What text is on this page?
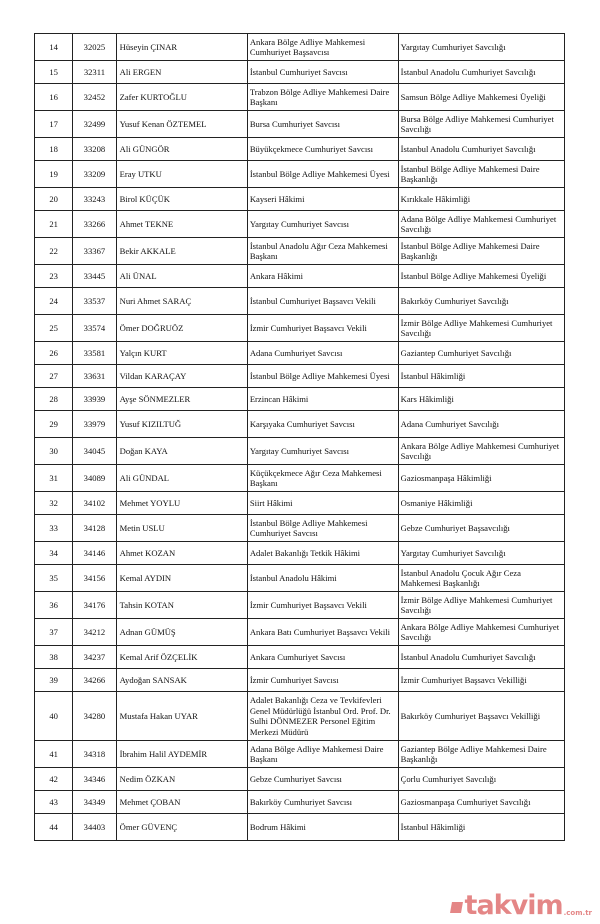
14	32025	Hüseyin ÇINAR	Ankara Bölge Adliye Mahkemesi Cumhuriyet Başsavcısı	Yargıtay Cumhuriyet Savcılığı
15	32311	Ali ERGEN	İstanbul Cumhuriyet Savcısı	İstanbul Anadolu Cumhuriyet Savcılığı
16	32452	Zafer KURTOĞLU	Trabzon Bölge Adliye Mahkemesi Daire Başkanı	Samsun Bölge Adliye Mahkemesi Üyeliği
17	32499	Yusuf Kenan ÖZTEMEL	Bursa Cumhuriyet Savcısı	Bursa Bölge Adliye Mahkemesi Cumhuriyet Savcılığı
18	33208	Ali GÜNGÖR	Büyükçekmece Cumhuriyet Savcısı	İstanbul Anadolu Cumhuriyet Savcılığı
19	33209	Eray UTKU	İstanbul Bölge Adliye Mahkemesi Üyesi	İstanbul Bölge Adliye Mahkemesi Daire Başkanlığı
20	33243	Birol KÜÇÜK	Kayseri Hâkimi	Kırıkkale Hâkimliği
21	33266	Ahmet TEKNE	Yargıtay Cumhuriyet Savcısı	Adana Bölge Adliye Mahkemesi Cumhuriyet Savcılığı
22	33367	Bekir AKKALE	İstanbul Anadolu Ağır Ceza Mahkemesi Başkanı	İstanbul Bölge Adliye Mahkemesi Daire Başkanlığı
23	33445	Ali ÜNAL	Ankara Hâkimi	İstanbul Bölge Adliye Mahkemesi Üyeliği
24	33537	Nuri Ahmet SARAÇ	İstanbul Cumhuriyet Başsavcı Vekili	Bakırköy Cumhuriyet Savcılığı
25	33574	Ömer DOĞRUÖZ	İzmir Cumhuriyet Başsavcı Vekili	İzmir Bölge Adliye Mahkemesi Cumhuriyet Savcılığı
26	33581	Yalçın KURT	Adana Cumhuriyet Savcısı	Gaziantep Cumhuriyet Savcılığı
27	33631	Vildan KARAÇAY	İstanbul Bölge Adliye Mahkemesi Üyesi	İstanbul Hâkimliği
28	33939	Ayşe SÖNMEZLER	Erzincan Hâkimi	Kars Hâkimliği
29	33979	Yusuf KIZILTUĞ	Karşıyaka Cumhuriyet Savcısı	Adana Cumhuriyet Savcılığı
30	34045	Doğan KAYA	Yargıtay Cumhuriyet Savcısı	Ankara Bölge Adliye Mahkemesi Cumhuriyet Savcılığı
31	34089	Ali GÜNDAL	Küçükçekmece Ağır Ceza Mahkemesi Başkanı	Gaziosmanpaşa Hâkimliği
32	34102	Mehmet YOYLU	Siirt Hâkimi	Osmaniye Hâkimliği
33	34128	Metin USLU	İstanbul Bölge Adliye Mahkemesi Cumhuriyet Savcısı	Gebze Cumhuriyet Başsavcılığı
34	34146	Ahmet KOZAN	Adalet Bakanlığı Tetkik Hâkimi	Yargıtay Cumhuriyet Savcılığı
35	34156	Kemal AYDIN	İstanbul Anadolu Hâkimi	İstanbul Anadolu Çocuk Ağır Ceza Mahkemesi Başkanlığı
36	34176	Tahsin KOTAN	İzmir Cumhuriyet Başsavcı Vekili	İzmir Bölge Adliye Mahkemesi Cumhuriyet Savcılığı
37	34212	Adnan GÜMÜŞ	Ankara Batı Cumhuriyet Başsavcı Vekili	Ankara Bölge Adliye Mahkemesi Cumhuriyet Savcılığı
38	34237	Kemal Arif ÖZÇELİK	Ankara Cumhuriyet Savcısı	İstanbul Anadolu Cumhuriyet Savcılığı
39	34266	Aydoğan SANSAK	İzmir Cumhuriyet Savcısı	İzmir Cumhuriyet Başsavcı Vekilliği
40	34280	Mustafa Hakan UYAR	Adalet Bakanlığı Ceza ve Tevkifevleri Genel Müdürlüğü İstanbul Ord. Prof. Dr. Sulhi DÖNMEZER Personel Eğitim Merkezi Müdürü	Bakırköy Cumhuriyet Başsavcı Vekilliği
41	34318	İbrahim Halil AYDEMİR	Adana Bölge Adliye Mahkemesi Daire Başkanı	Gaziantep Bölge Adliye Mahkemesi Daire Başkanlığı
42	34346	Nedim ÖZKAN	Gebze Cumhuriyet Savcısı	Çorlu Cumhuriyet Savcılığı
43	34349	Mehmet ÇOBAN	Bakırköy Cumhuriyet Savcısı	Gaziosmanpaşa Cumhuriyet Savcılığı
44	34403	Ömer GÜVENÇ	Bodrum Hâkimi	İstanbul Hâkimliği
takvim .com.tr
